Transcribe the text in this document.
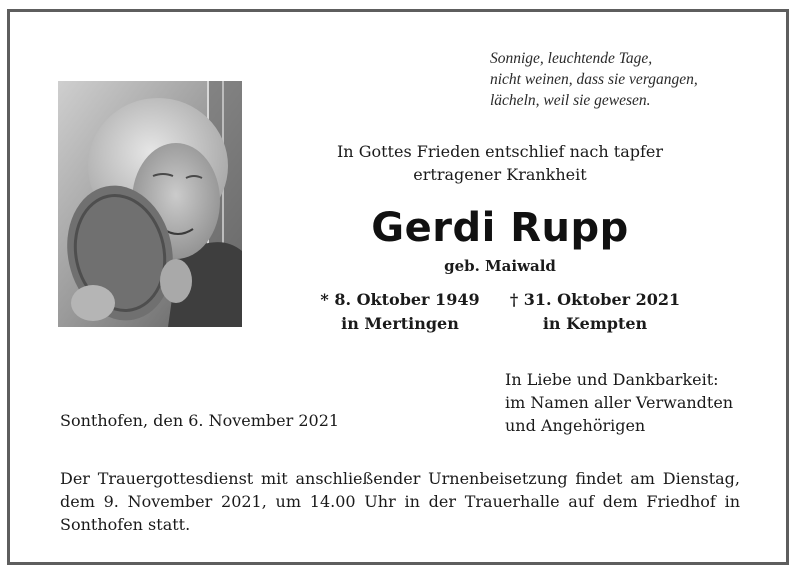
Sonnige, leuchtende Tage,
nicht weinen, dass sie vergangen,
lächeln, weil sie gewesen.
In Gottes Frieden entschlief nach tapfer
ertragener Krankheit
Gerdi Rupp
geb. Maiwald
* 8. Oktober 1949
in Mertingen
† 31. Oktober 2021
in Kempten
In Liebe und Dankbarkeit:
im Namen aller Verwandten
und Angehörigen
Sonthofen, den 6. November 2021
Der Trauergottesdienst mit anschließender Urnenbeisetzung findet am Dienstag,
dem 9. November 2021, um 14.00 Uhr in der Trauerhalle auf dem Friedhof in
Sonthofen statt.
